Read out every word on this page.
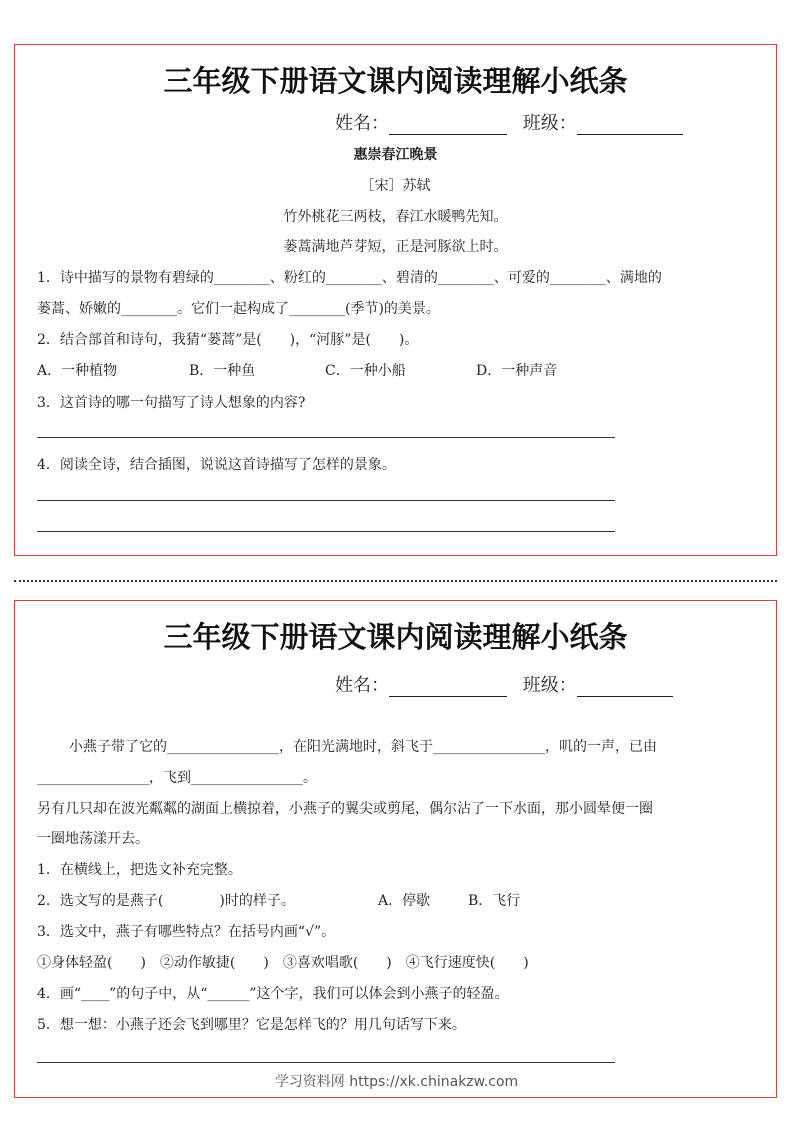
三年级下册语文课内阅读理解小纸条
姓名：	班级：
惠崇春江晚景
［宋］苏轼
竹外桃花三两枝，春江水暖鸭先知。
蒌蒿满地芦芽短，正是河豚欲上时。
1．诗中描写的景物有碧绿的________、粉红的________、碧清的________、可爱的________、满地的
蒌蒿、娇嫩的________。它们一起构成了________(季节)的美景。
2．结合部首和诗句，我猜“蒌蒿”是(　　)，“河豚”是(　　)。
A．一种植物	B．一种鱼	C．一种小船	D．一种声音
3．这首诗的哪一句描写了诗人想象的内容?
4．阅读全诗，结合插图，说说这首诗描写了怎样的景象。
三年级下册语文课内阅读理解小纸条
姓名：	班级：
小燕子带了它的________________，在阳光满地时，斜飞于________________，叽的一声，已由
________________，飞到________________。
另有几只却在波光粼粼的湖面上横掠着，小燕子的翼尖或剪尾，偶尔沾了一下水面，那小圆晕便一圈
一圈地荡漾开去。
1．在横线上，把选文补充完整。
2．选文写的是燕子(　　　　)时的样子。	A．停歇	B．飞行
3．选文中，燕子有哪些特点？在括号内画“√”。
①身体轻盈(　　)　②动作敏捷(　　)　③喜欢唱歌(　　)　④飞行速度快(　　)
4．画“____”的句子中，从“______”这个字，我们可以体会到小燕子的轻盈。
5．想一想：小燕子还会飞到哪里？它是怎样飞的？用几句话写下来。
学习资料网 https://xk.chinakzw.com
